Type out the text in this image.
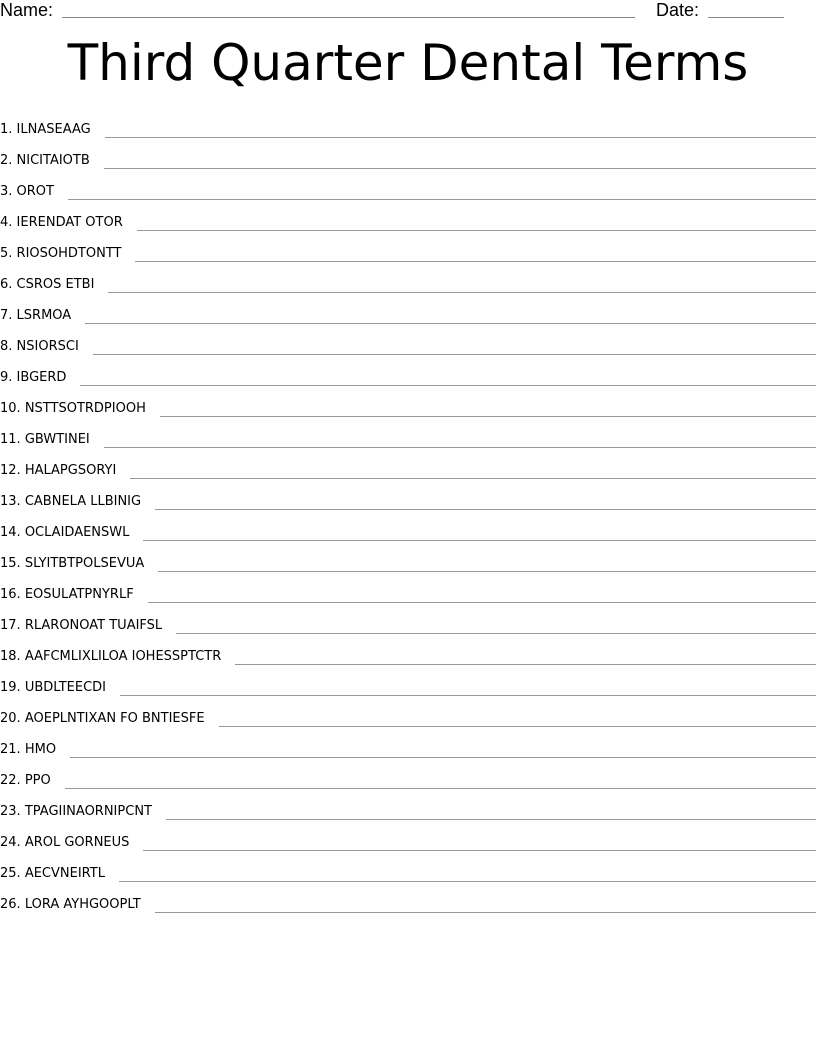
Name:	Date:
Third Quarter Dental Terms
1. ILNASEAAG
2. NICITAIOTB
3. OROT
4. IERENDAT OTOR
5. RIOSOHDTONTT
6. CSROS ETBI
7. LSRMOA
8. NSIORSCI
9. IBGERD
10. NSTTSOTRDPIOOH
11. GBWTINEI
12. HALAPGSORYI
13. CABNELA LLBINIG
14. OCLAIDAENSWL
15. SLYITBTPOLSEVUA
16. EOSULATPNYRLF
17. RLARONOAT TUAIFSL
18. AAFCMLIXLILOA IOHESSPTCTR
19. UBDLTEECDI
20. AOEPLNTIXAN FO BNTIESFE
21. HMO
22. PPO
23. TPAGIINAORNIPCNT
24. AROL GORNEUS
25. AECVNEIRTL
26. LORA AYHGOOPLT
